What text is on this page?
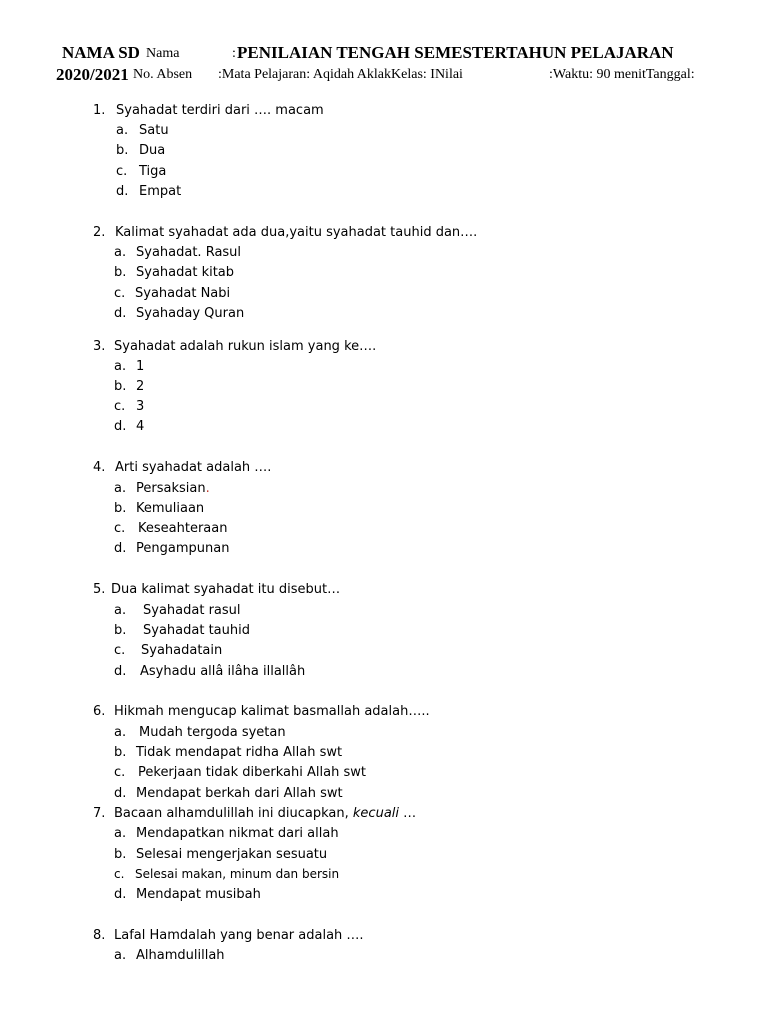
NAMA SD Nama	: PENILAIAN TENGAH SEMESTERTAHUN PELAJARAN
2020/2021 No. Absen :Mata Pelajaran: Aqidah AklakKelas: INilai	:Waktu: 90 menitTanggal:
1. Syahadat terdiri dari …. macam
a. Satu
b. Dua
c. Tiga
d. Empat
2. Kalimat syahadat ada dua,yaitu syahadat tauhid dan….
a. Syahadat. Rasul
b. Syahadat kitab
c. Syahadat Nabi
d. Syahaday Quran
3. Syahadat adalah rukun islam yang ke….
a. 1
b. 2
c. 3
d. 4
4. Arti syahadat adalah ….
a. Persaksian.
b. Kemuliaan
c. Keseahteraan
d. Pengampunan
5. Dua kalimat syahadat itu disebut…
a. Syahadat rasul
b. Syahadat tauhid
c. Syahadatain
d. Asyhadu allâ ilâha illallâh
6. Hikmah mengucap kalimat basmallah adalah…..
a. Mudah tergoda syetan
b. Tidak mendapat ridha Allah swt
c. Pekerjaan tidak diberkahi Allah swt
d. Mendapat berkah dari Allah swt
7. Bacaan alhamdulillah ini diucapkan, kecuali …
a. Mendapatkan nikmat dari allah
b. Selesai mengerjakan sesuatu
c. Selesai makan, minum dan bersin
d. Mendapat musibah
8. Lafal Hamdalah yang benar adalah ….
a. Alhamdulillah
